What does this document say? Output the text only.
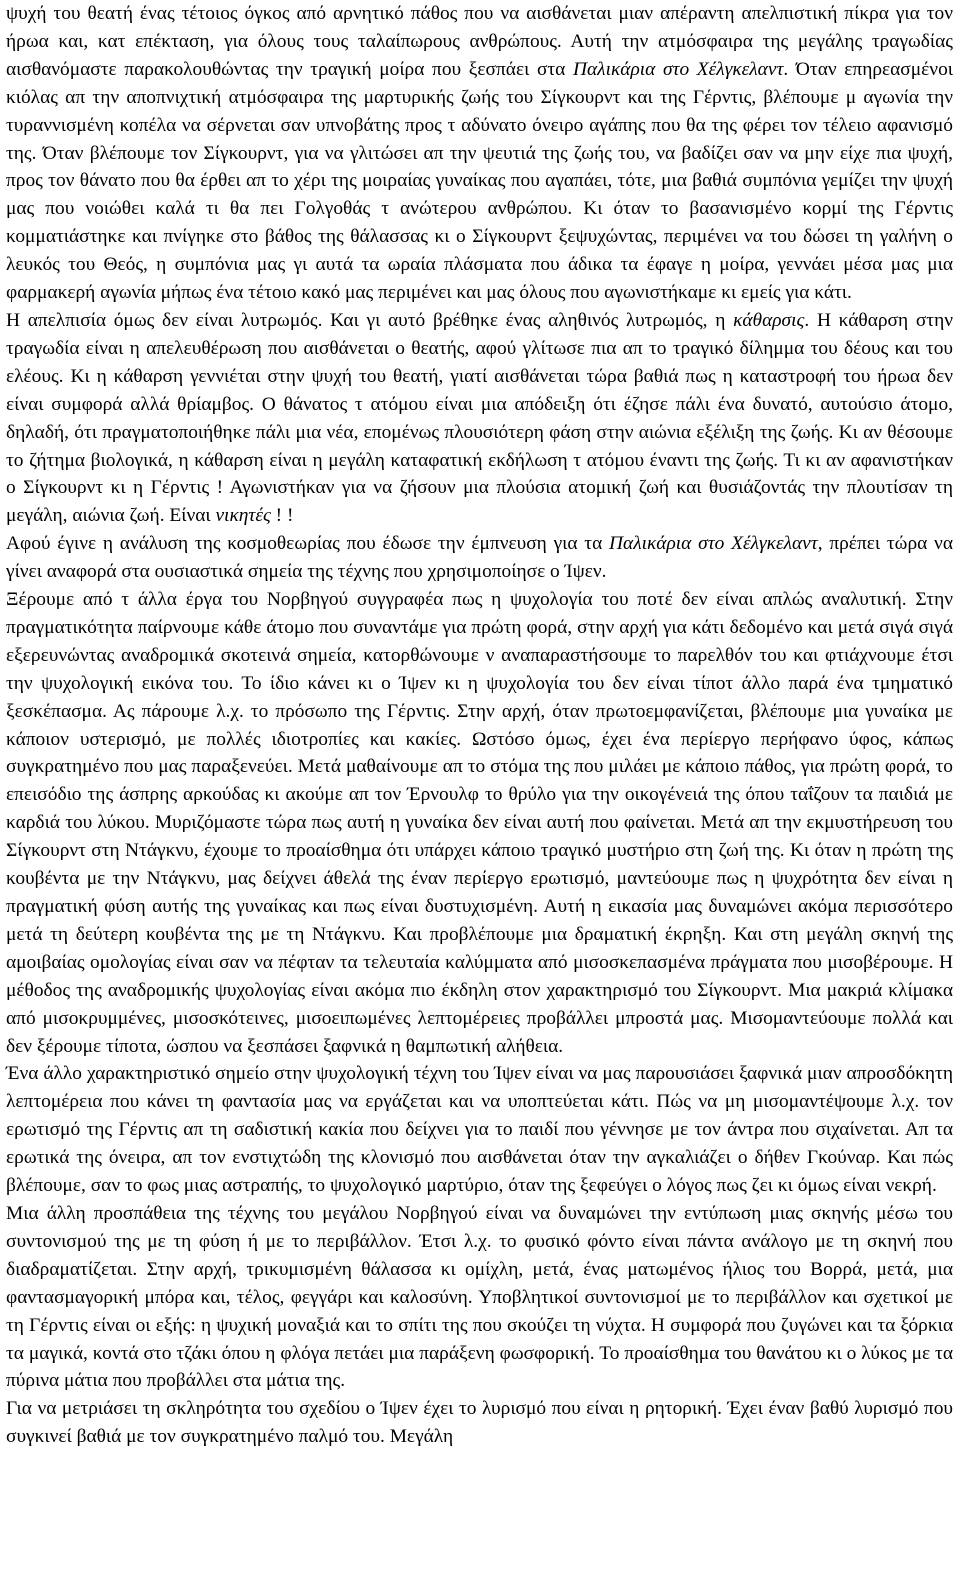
ψυχή του θεατή ένας τέτοιος όγκος από αρνητικό πάθος που να αισθάνεται μιαν απέραντη απελπιστική πίκρα για τον ήρωα και, κατ επέκταση, για όλους τους ταλαίπωρους ανθρώπους. Αυτή την ατμόσφαιρα της μεγάλης τραγωδίας αισθανόμαστε παρακολουθώντας την τραγική μοίρα που ξεσπάει στα Παλικάρια στο Χέλγκελαντ. Όταν επηρεασμένοι κιόλας απ την αποπνιχτική ατμόσφαιρα της μαρτυρικής ζωής του Σίγκουρντ και της Γέρντις, βλέπουμε μ αγωνία την τυραννισμένη κοπέλα να σέρνεται σαν υπνοβάτης προς τ αδύνατο όνειρο αγάπης που θα της φέρει τον τέλειο αφανισμό της. Όταν βλέπουμε τον Σίγκουρντ, για να γλιτώσει απ την ψευτιά της ζωής του, να βαδίζει σαν να μην είχε πια ψυχή, προς τον θάνατο που θα έρθει απ το χέρι της μοιραίας γυναίκας που αγαπάει, τότε, μια βαθιά συμπόνια γεμίζει την ψυχή μας που νοιώθει καλά τι θα πει Γολγοθάς τ ανώτερου ανθρώπου. Κι όταν το βασανισμένο κορμί της Γέρντις κομματιάστηκε και πνίγηκε στο βάθος της θάλασσας κι ο Σίγκουρντ ξεψυχώντας, περιμένει να του δώσει τη γαλήνη ο λευκός του Θεός, η συμπόνια μας γι αυτά τα ωραία πλάσματα που άδικα τα έφαγε η μοίρα, γεννάει μέσα μας μια φαρμακερή αγωνία μήπως ένα τέτοιο κακό μας περιμένει και μας όλους που αγωνιστήκαμε κι εμείς για κάτι.

Η απελπισία όμως δεν είναι λυτρωμός. Και γι αυτό βρέθηκε ένας αληθινός λυτρωμός, η κάθαρσις. Η κάθαρση στην τραγωδία είναι η απελευθέρωση που αισθάνεται ο θεατής, αφού γλίτωσε πια απ το τραγικό δίλημμα του δέους και του ελέους. Κι η κάθαρση γεννιέται στην ψυχή του θεατή, γιατί αισθάνεται τώρα βαθιά πως η καταστροφή του ήρωα δεν είναι συμφορά αλλά θρίαμβος. Ο θάνατος τ ατόμου είναι μια απόδειξη ότι έζησε πάλι ένα δυνατό, αυτούσιο άτομο, δηλαδή, ότι πραγματοποιήθηκε πάλι μια νέα, επομένως πλουσιότερη φάση στην αιώνια εξέλιξη της ζωής. Κι αν θέσουμε το ζήτημα βιολογικά, η κάθαρση είναι η μεγάλη καταφατική εκδήλωση τ ατόμου έναντι της ζωής. Τι κι αν αφανιστήκαν ο Σίγκουρντ κι η Γέρντις ! Αγωνιστήκαν για να ζήσουν μια πλούσια ατομική ζωή και θυσιάζοντάς την πλουτίσαν τη μεγάλη, αιώνια ζωή. Είναι νικητές ! !

Αφού έγινε η ανάλυση της κοσμοθεωρίας που έδωσε την έμπνευση για τα Παλικάρια στο Χέλγκελαντ, πρέπει τώρα να γίνει αναφορά στα ουσιαστικά σημεία της τέχνης που χρησιμοποίησε ο Ίψεν.

Ξέρουμε από τ άλλα έργα του Νορβηγού συγγραφέα πως η ψυχολογία του ποτέ δεν είναι απλώς αναλυτική. Στην πραγματικότητα παίρνουμε κάθε άτομο που συναντάμε για πρώτη φορά, στην αρχή για κάτι δεδομένο και μετά σιγά σιγά εξερευνώντας αναδρομικά σκοτεινά σημεία, κατορθώνουμε ν αναπαραστήσουμε το παρελθόν του και φτιάχνουμε έτσι την ψυχολογική εικόνα του. Το ίδιο κάνει κι ο Ίψεν κι η ψυχολογία του δεν είναι τίποτ άλλο παρά ένα τμηματικό ξεσκέπασμα. Ας πάρουμε λ.χ. το πρόσωπο της Γέρντις. Στην αρχή, όταν πρωτοεμφανίζεται, βλέπουμε μια γυναίκα με κάποιον υστερισμό, με πολλές ιδιοτροπίες και κακίες. Ωστόσο όμως, έχει ένα περίεργο περήφανο ύφος, κάπως συγκρατημένο που μας παραξενεύει. Μετά μαθαίνουμε απ το στόμα της που μιλάει με κάποιο πάθος, για πρώτη φορά, το επεισόδιο της άσπρης αρκούδας κι ακούμε απ τον Έρνουλφ το θρύλο για την οικογένειά της όπου ταΐζουν τα παιδιά με καρδιά του λύκου. Μυριζόμαστε τώρα πως αυτή η γυναίκα δεν είναι αυτή που φαίνεται. Μετά απ την εκμυστήρευση του Σίγκουρντ στη Ντάγκνυ, έχουμε το προαίσθημα ότι υπάρχει κάποιο τραγικό μυστήριο στη ζωή της. Κι όταν η πρώτη της κουβέντα με την Ντάγκνυ, μας δείχνει άθελά της έναν περίεργο ερωτισμό, μαντεύουμε πως η ψυχρότητα δεν είναι η πραγματική φύση αυτής της γυναίκας και πως είναι δυστυχισμένη. Αυτή η εικασία μας δυναμώνει ακόμα περισσότερο μετά τη δεύτερη κουβέντα της με τη Ντάγκνυ. Και προβλέπουμε μια δραματική έκρηξη. Και στη μεγάλη σκηνή της αμοιβαίας ομολογίας είναι σαν να πέφταν τα τελευταία καλύμματα από μισοσκεπασμένα πράγματα που μισοβέρουμε. Η μέθοδος της αναδρομικής ψυχολογίας είναι ακόμα πιο έκδηλη στον χαρακτηρισμό του Σίγκουρντ. Μια μακριά κλίμακα από μισοκρυμμένες, μισοσκότεινες, μισοειπωμένες λεπτομέρειες προβάλλει μπροστά μας. Μισομαντεύουμε πολλά και δεν ξέρουμε τίποτα, ώσπου να ξεσπάσει ξαφνικά η θαμπωτική αλήθεια.

Ένα άλλο χαρακτηριστικό σημείο στην ψυχολογική τέχνη του Ίψεν είναι να μας παρουσιάσει ξαφνικά μιαν απροσδόκητη λεπτομέρεια που κάνει τη φαντασία μας να εργάζεται και να υποπτεύεται κάτι. Πώς να μη μισομαντέψουμε λ.χ. τον ερωτισμό της Γέρντις απ τη σαδιστική κακία που δείχνει για το παιδί που γέννησε με τον άντρα που σιχαίνεται. Απ τα ερωτικά της όνειρα, απ τον ενστιχτώδη της κλονισμό που αισθάνεται όταν την αγκαλιάζει ο δήθεν Γκούναρ. Και πώς βλέπουμε, σαν το φως μιας αστραπής, το ψυχολογικό μαρτύριο, όταν της ξεφεύγει ο λόγος πως ζει κι όμως είναι νεκρή.

Μια άλλη προσπάθεια της τέχνης του μεγάλου Νορβηγού είναι να δυναμώνει την εντύπωση μιας σκηνής μέσω του συντονισμού της με τη φύση ή με το περιβάλλον. Έτσι λ.χ. το φυσικό φόντο είναι πάντα ανάλογο με τη σκηνή που διαδραματίζεται. Στην αρχή, τρικυμισμένη θάλασσα κι ομίχλη, μετά, ένας ματωμένος ήλιος του Βορρά, μετά, μια φαντασμαγορική μπόρα και, τέλος, φεγγάρι και καλοσύνη. Υποβλητικοί συντονισμοί με το περιβάλλον και σχετικοί με τη Γέρντις είναι οι εξής: η ψυχική μοναξιά και το σπίτι της που σκούζει τη νύχτα. Η συμφορά που ζυγώνει και τα ξόρκια τα μαγικά, κοντά στο τζάκι όπου η φλόγα πετάει μια παράξενη φωσφορική. Το προαίσθημα του θανάτου κι ο λύκος με τα πύρινα μάτια που προβάλλει στα μάτια της.

Για να μετριάσει τη σκληρότητα του σχεδίου ο Ίψεν έχει το λυρισμό που είναι η ρητορική. Έχει έναν βαθύ λυρισμό που συγκινεί βαθιά με τον συγκρατημένο παλμό του. Μεγάλη
